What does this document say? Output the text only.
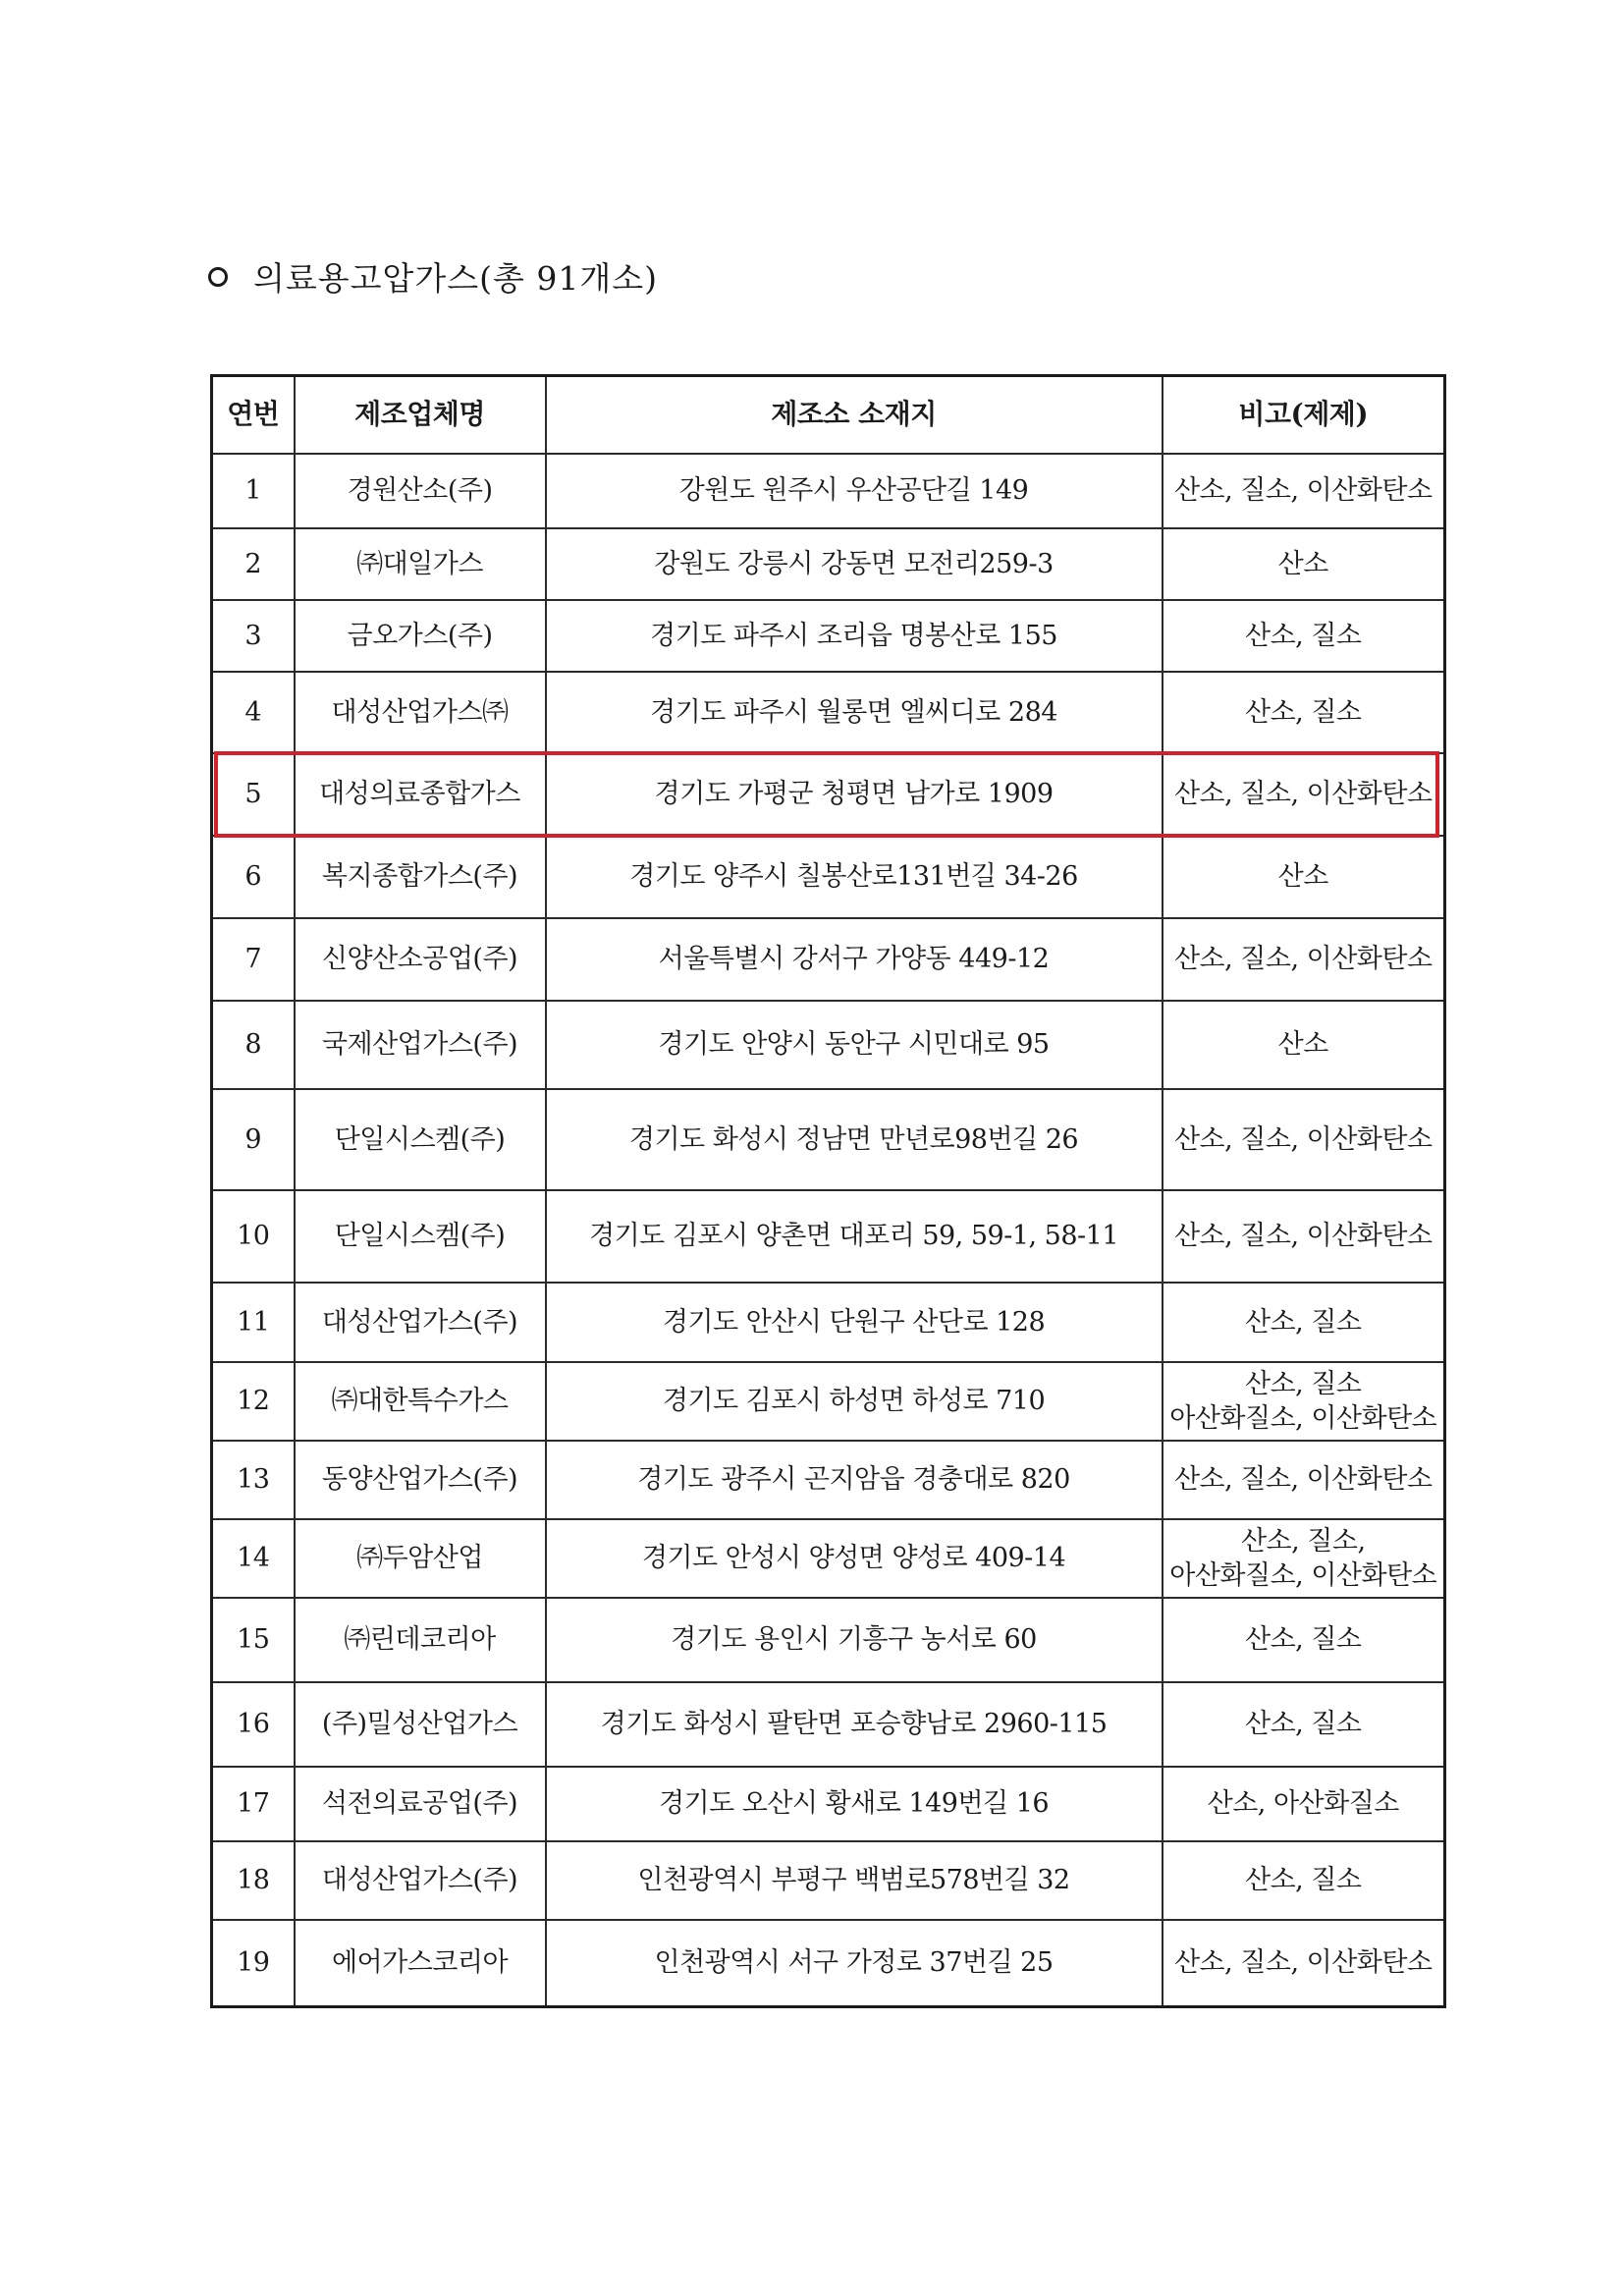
의료용고압가스(총 91개소)
연번	제조업체명	제조소 소재지	비고(제제)
1	경원산소(주)	강원도 원주시 우산공단길 149	산소, 질소, 이산화탄소
2	㈜대일가스	강원도 강릉시 강동면 모전리259-3	산소
3	금오가스(주)	경기도 파주시 조리읍 명봉산로 155	산소, 질소
4	대성산업가스㈜	경기도 파주시 월롱면 엘씨디로 284	산소, 질소
5	대성의료종합가스	경기도 가평군 청평면 남가로 1909	산소, 질소, 이산화탄소
6	복지종합가스(주)	경기도 양주시 칠봉산로131번길 34-26	산소
7	신양산소공업(주)	서울특별시 강서구 가양동 449-12	산소, 질소, 이산화탄소
8	국제산업가스(주)	경기도 안양시 동안구 시민대로 95	산소
9	단일시스켐(주)	경기도 화성시 정남면 만년로98번길 26	산소, 질소, 이산화탄소
10	단일시스켐(주)	경기도 김포시 양촌면 대포리 59, 59-1, 58-11	산소, 질소, 이산화탄소
11	대성산업가스(주)	경기도 안산시 단원구 산단로 128	산소, 질소
12	㈜대한특수가스	경기도 김포시 하성면 하성로 710	산소, 질소
아산화질소, 이산화탄소

13	동양산업가스(주)	경기도 광주시 곤지암읍 경충대로 820	산소, 질소, 이산화탄소
14	㈜두암산업	경기도 안성시 양성면 양성로 409-14	산소, 질소,
아산화질소, 이산화탄소

15	㈜린데코리아	경기도 용인시 기흥구 농서로 60	산소, 질소
16	(주)밀성산업가스	경기도 화성시 팔탄면 포승향남로 2960-115	산소, 질소
17	석전의료공업(주)	경기도 오산시 황새로 149번길 16	산소, 아산화질소
18	대성산업가스(주)	인천광역시 부평구 백범로578번길 32	산소, 질소
19	에어가스코리아	인천광역시 서구 가정로 37번길 25	산소, 질소, 이산화탄소
